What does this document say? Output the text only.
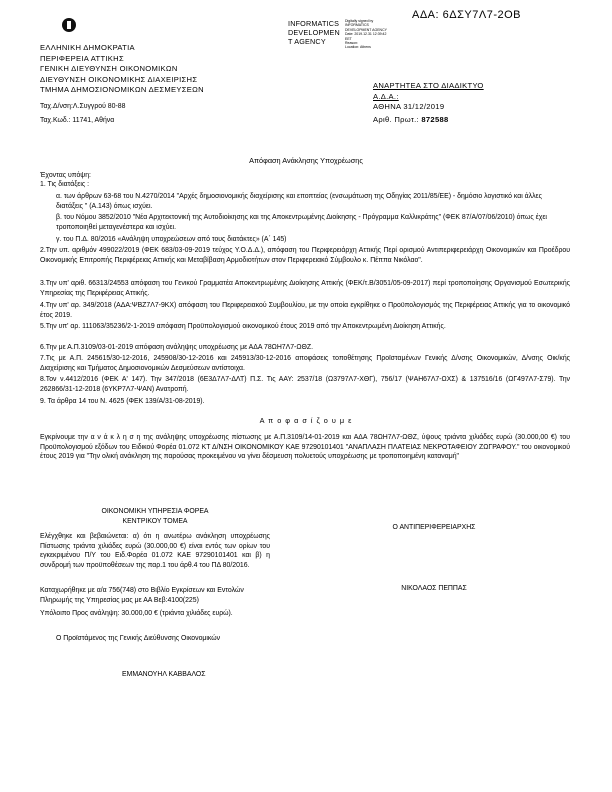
ΑΔΑ: 6ΔΣΥ7Λ7-2ΟΒ
INFORMATICS
DEVELOPMEN
T AGENCY
Digitally signed by
INFORMATICS
DEVELOPMENT AGENCY
Date: 2019.12.31 12:39:42
EET
Reason:
Location: Athens
ΕΛΛΗΝΙΚΗ ΔΗΜΟΚΡΑΤΙΑ
ΠΕΡΙΦΕΡΕΙΑ ΑΤΤΙΚΗΣ
ΓΕΝΙΚΗ ΔΙΕΥΘΥΝΣΗ ΟΙΚΟΝΟΜΙΚΩΝ
ΔΙΕΥΘΥΝΣΗ ΟΙΚΟΝΟΜΙΚΗΣ ΔΙΑΧΕΙΡΙΣΗΣ
ΤΜΗΜΑ ΔΗΜΟΣΙΟΝΟΜΙΚΩΝ ΔΕΣΜΕΥΣΕΩΝ
Ταχ.Δ/νση:Λ.Συγγρού 80-88
Ταχ.Κωδ.: 11741, Αθήνα
ΑΝΑΡΤΗΤΕΑ ΣΤΟ ΔΙΑΔΙΚΤΥΟ
Α.Δ.Α.:
ΑΘΗΝΑ 31/12/2019
Αριθ. Πρωτ.: 872588
Απόφαση Ανάκλησης Υποχρέωσης
Έχοντας υπόψη:
1. Τις διατάξεις :
α. των άρθρων 63-68 του Ν.4270/2014 "Αρχές δημοσιονομικής διαχείρισης και εποπτείας (ενσωμάτωση της Οδηγίας 2011/85/ΕΕ) - δημόσιο λογιστικό και άλλες διατάξεις " (Α.143) όπως ισχύει.
β. του Νόμου 3852/2010 "Νέα Αρχιτεκτονική της Αυτοδιοίκησης και της Αποκεντρωμένης Διοίκησης - Πρόγραμμα Καλλικράτης" (ΦΕΚ 87/Α/07/06/2010) όπως έχει τροποποιηθεί μεταγενέστερα και ισχύει.
γ. του Π.Δ. 80/2016 «Ανάληψη υποχρεώσεων από τους διατάκτες» (Α΄ 145)
2.Την υπ. αριθμόν 499022/2019 (ΦΕΚ 683/03-09-2019 τεύχος Υ.Ο.Δ.Δ.), απόφαση του Περιφερειάρχη Αττικής Περί ορισμού Αντιπεριφερειάρχη Οικονομικών και Προέδρου Οικονομικής Επιτροπής Περιφέρειας Αττικής και Μεταβίβαση Αρμοδιοτήτων στον Περιφερειακό Σύμβουλο κ. Πέππα Νικόλαο".
3.Την υπ' αριθ. 66313/24553 απόφαση του Γενικού Γραμματέα Αποκεντρωμένης Διοίκησης Αττικής (ΦΕΚ/τ.Β/3051/05-09-2017) περί τροποποίησης Οργανισμού Εσωτερικής Υπηρεσίας της Περιφέρειας Αττικής.
4.Την υπ' αρ. 349/2018 (ΑΔΑ:ΨΒΖ7Λ7-9ΚΧ) απόφαση του Περιφερειακού Συμβουλίου, με την οποία εγκρίθηκε ο Προϋπολογισμός της Περιφέρειας Αττικής για το οικονομικό έτος 2019.
5.Την υπ' αρ. 111063/35236/2-1-2019 απόφαση Προϋπολογισμού οικονομικού έτους 2019 από την Αποκεντρωμένη Διοίκηση Αττικής.
6.Την με Α.Π.3109/03-01-2019 απόφαση ανάληψης υποχρέωσης με ΑΔΑ 78ΩΗ7Λ7-ΩΘΖ.
7.Τις με Α.Π. 245615/30-12-2016, 245908/30-12-2016 και 245913/30-12-2016 αποφάσεις τοποθέτησης Προϊσταμένων Γενικής Δ/νσης Οικονομικών, Δ/νσης Οικ/κής Διαχείρισης και Τμήματος Δημοσιονομικών Δεσμεύσεων αντίστοιχα.
8.Τον ν.4412/2016 (ΦΕΚ Α' 147). Την 347/2018 (6Ε3Δ7Λ7-ΔΛΤ) Π.Σ. Τις ΑΑΥ: 2537/18 (Ω3797Λ7-ΧΘΓ), 756/17 (ΨΑΗ67Λ7-ΩΧΣ) & 137516/16 (ΩΓ497Λ7-Σ79). Την 262866/31-12-2018 (6ΥΚΡ7Λ7-ΨΑΝ) Ανατροπή.
9. Τα άρθρα 14 του Ν. 4625 (ΦΕΚ 139/Α/31-08-2019).
Α π ο φ α σ ί ζ ο υ μ ε
Εγκρίνουμε την α ν ά κ λ η σ η της ανάληψης υποχρέωσης πίστωσης με Α.Π.3109/14-01-2019 και ΑΔΑ 78ΩΗ7Λ7-ΩΘΖ, ύψους τριάντα χιλιάδες ευρώ (30.000,00 €) του Προϋπολογισμού εξόδων του Ειδικού Φορέα 01.072 ΚΤ Δ/ΝΣΗ ΟΙΚΟΝΟΜΙΚΟΥ ΚΑΕ 97290101401 "ΑΝΑΠΛΑΣΗ ΠΛΑΤΕΙΑΣ ΝΕΚΡΟΤΑΦΕΙΟΥ ΖΩΓΡΑΦΟΥ." του οικονομικού έτους 2019 για "Την ολική ανάκληση της παρούσας προκειμένου να γίνει δέσμευση πολυετούς υποχρέωσης με τροποποιημένη καταναμή"
ΟΙΚΟΝΟΜΙΚΗ ΥΠΗΡΕΣΙΑ ΦΟΡΕΑ
ΚΕΝΤΡΙΚΟΥ ΤΟΜΕΑ
Ελέγχθηκε και βεβαιώνεται: α) ότι η ανωτέρω ανάκληση υποχρέωσης Πίστωσης τριάντα χιλιάδες ευρώ (30.000,00 €) είναι εντός των ορίων του εγκεκριμένου Π/Υ του Ειδ.Φορέα 01.072 ΚΑΕ 97290101401 και β) η συνδρομή των προϋποθέσεων της παρ.1 του άρθ.4 του ΠΔ 80/2016.
Καταχωρήθηκε με α/α 756(748) στο Βιβλίο Εγκρίσεων και Εντολών Πληρωμής της Υπηρεσίας μας με ΑΑ Βεβ:4100(225)
Υπόλοιπο Προς ανάληψη: 30.000,00 € (τριάντα χιλιάδες ευρώ).
Ο Προϊστάμενος της Γενικής Διεύθυνσης Οικονομικών
ΕΜΜΑΝΟΥΗΛ ΚΑΒΒΑΛΟΣ
Ο ΑΝΤΙΠΕΡΙΦΕΡΕΙΑΡΧΗΣ
ΝΙΚΟΛΑΟΣ ΠΕΠΠΑΣ
